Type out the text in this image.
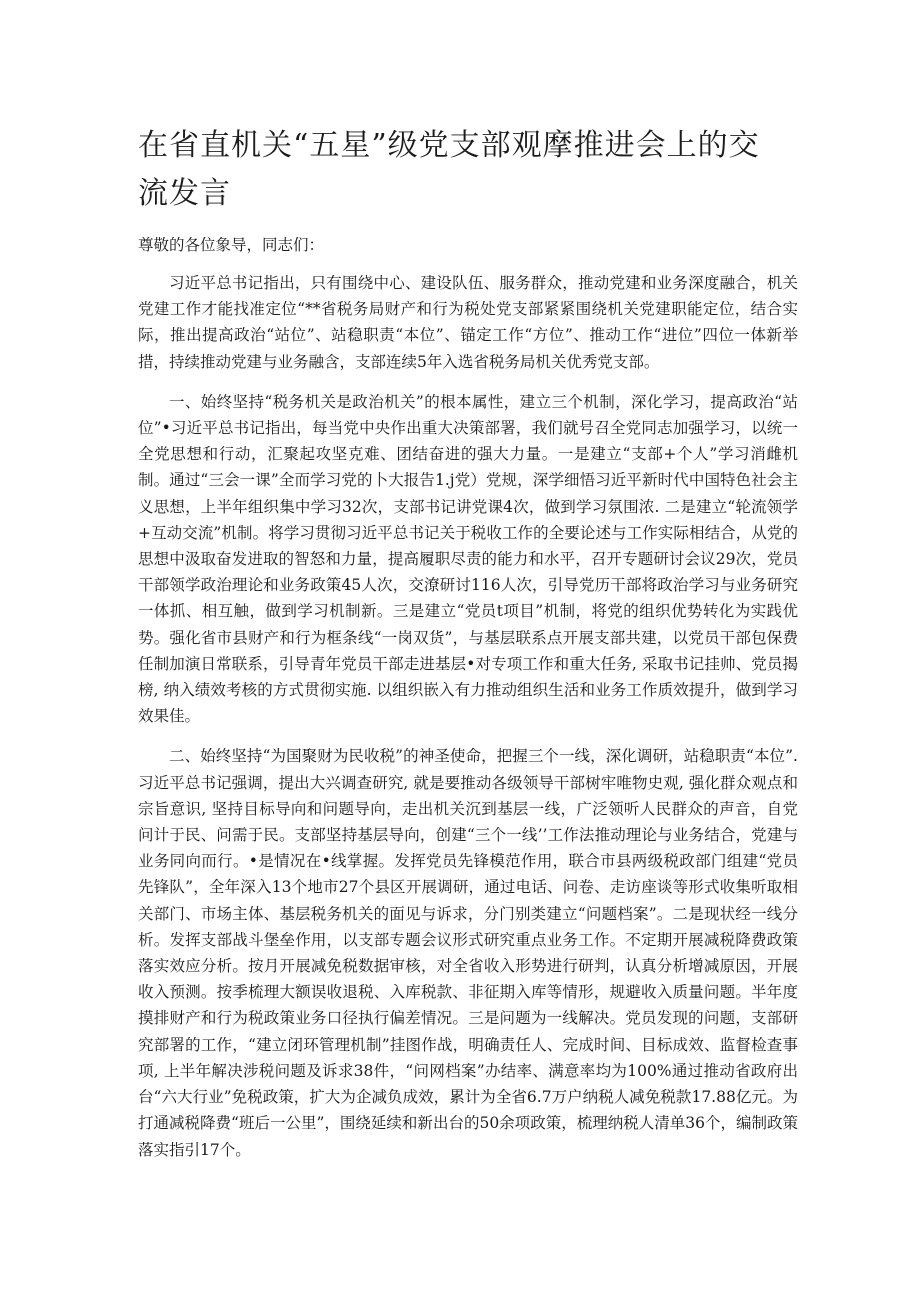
在省直机关“五星”级党支部观摩推进会上的交流发言

尊敬的各位象导，同志们：

习近平总书记指出，只有围绕中心、建设队伍、服务群众，推动党建和业务深度融合，机关党建工作才能找准定位“**省税务局财产和行为税处党支部紧紧围绕机关党建职能定位，结合实际，推出提高政治“站位”、站稳职责“本位”、锚定工作“方位”、推动工作“进位”四位一体新举措，持续推动党建与业务融含，支部连续5年入选省税务局机关优秀党支部。

一、始终坚持“税务机关是政治机关”的根本属性，建立三个机制，深化学习，提高政治“站位”•习近平总书记指出，每当党中央作出重大决策部署，我们就号召全党同志加强学习，以统一全党思想和行动，汇聚起攻坚克难、团结奋进的强大力量。一是建立“支部+个人”学习消雌机制。通过“三会一课”全而学习党的卜大报告1.j党）党规，深学细悟习近平新时代中国特色社会主义思想，上半年组织集中学习32次，支部书记讲党课4次，做到学习氛围浓. 二是建立“轮流领学+互动交流”机制。将学习贯彻习近平总书记关于税收工作的全要论述与工作实际相结合，从党的思想中汲取奋发进取的智怒和力量，提高履职尽责的能力和水平，召开专题研讨会议29次，党员干部领学政治理论和业务政策45人次，交潦研讨116人次，引导党历干部将政治学习与业务研究一体抓、相互触，做到学习机制新。三是建立“党员t项目”机制，将党的组织优势转化为实践优势。强化省市县财产和行为框条线“一岗双货”，与基层联系点开展支部共建，以党员干部包保费任制加演日常联系，引导青年党员干部走进基层•对专项工作和重大任务, 采取书记挂帅、党员揭榜, 纳入绩效考核的方式贯彻实施. 以组织嵌入有力推动组织生活和业务工作质效提升，做到学习效果佳。

二、始终坚持“为国聚财为民收税”的神圣使命，把握三个一线，深化调研，站稳职责“本位”. 习近平总书记强调，提出大兴调查研究, 就是要推动各级领导干部树牢唯物史观, 强化群众观点和宗旨意识, 坚持目标导向和问题导向，走出机关沉到基层一线，广泛领听人民群众的声音，自党问计于民、问需于民。支部坚持基层导向，创建“三个一线’’工作法推动理论与业务结合，党建与业务同向而行。•是情况在•线掌握。发挥党员先锋模范作用，联合市县两级税政部门组建“党员先锋队”，全年深入13个地市27个县区开展调研，通过电话、问卷、走访座谈等形式收集听取相关部门、市场主体、基层税务机关的面见与诉求，分门别类建立“问题档案”。二是现状经一线分析。发挥支部战斗堡垒作用，以支部专题会议形式研究重点业务工作。不定期开展减税降费政策落实效应分析。按月开展减免税数据审核，对全省收入形势进行研判，认真分析增减原因，开展收入预测。按季梳理大额误收退税、入库税款、非征期入库等情形，规避收入质量问题。半年度摸排财产和行为税政策业务口径执行偏差情况。三是问题为一线解决。党员发现的问题，支部研究部署的工作，“建立闭环管理机制”挂图作战，明确责任人、完成时间、目标成效、监督检查事项, 上半年解决涉税问题及诉求38件，“问网档案”办结率、满意率均为100%通过推动省政府出台“六大行业”免税政策，扩大为企减负成效，累计为全省6.7万户纳税人减免税款17.88亿元。为打通减税降费“班后一公里”，围绕延续和新出台的50余项政策，梳理纳税人清单36个，编制政策落实指引17个。
